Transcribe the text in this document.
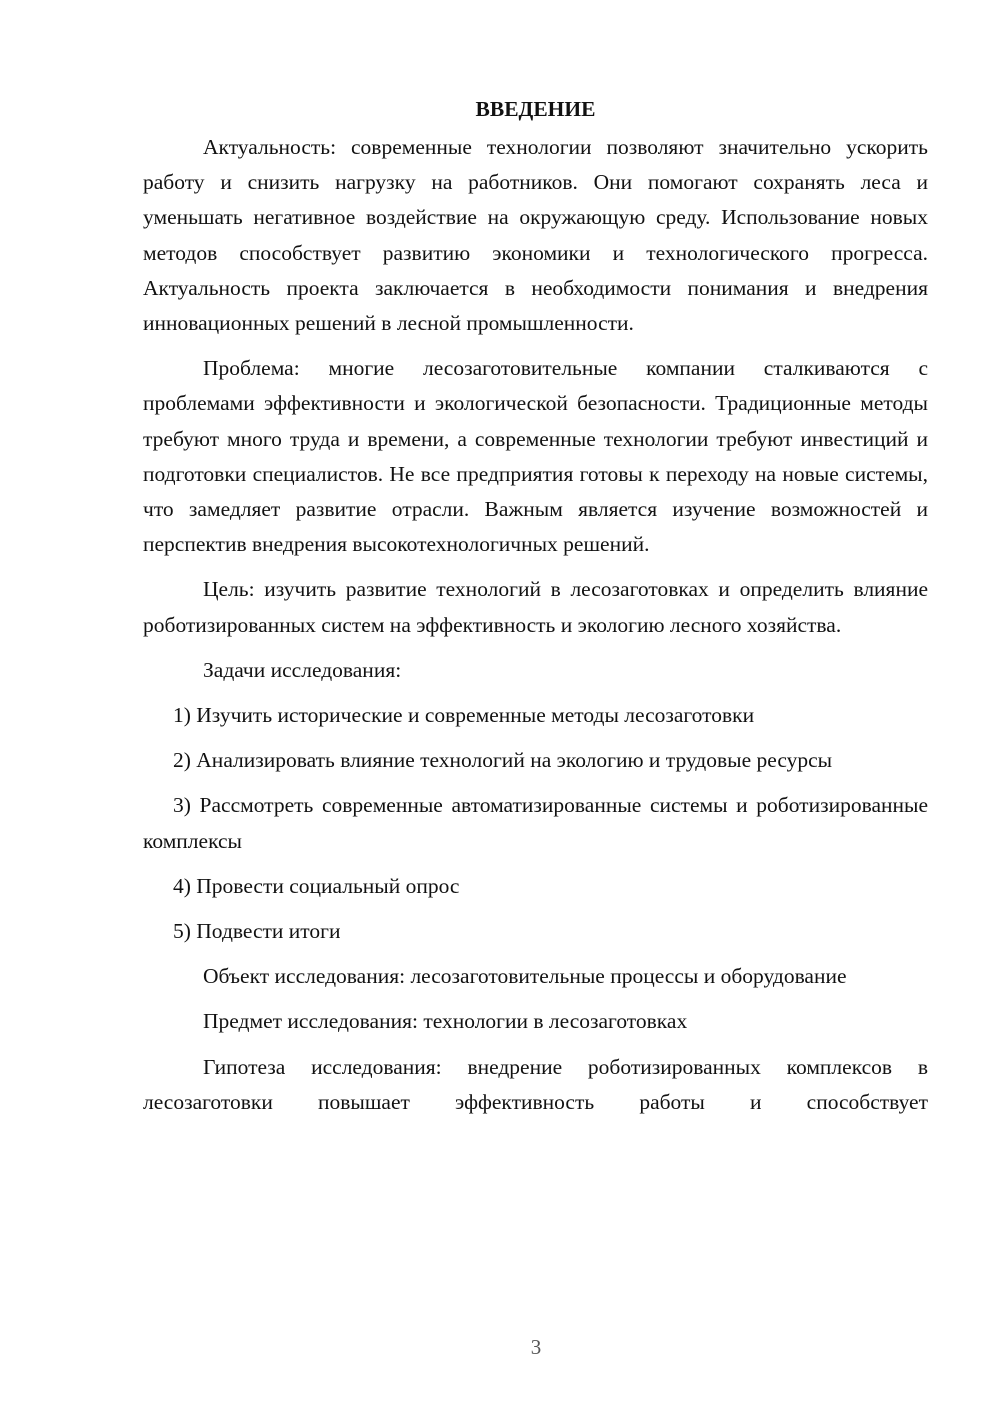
ВВЕДЕНИЕ

Актуальность: современные технологии позволяют значительно ускорить работу и снизить нагрузку на работников. Они помогают сохранять леса и уменьшать негативное воздействие на окружающую среду. Использование новых методов способствует развитию экономики и технологического прогресса. Актуальность проекта заключается в необходимости понимания и внедрения инновационных решений в лесной промышленности.

Проблема: многие лесозаготовительные компании сталкиваются с проблемами эффективности и экологической безопасности. Традиционные методы требуют много труда и времени, а современные технологии требуют инвестиций и подготовки специалистов. Не все предприятия готовы к переходу на новые системы, что замедляет развитие отрасли. Важным является изучение возможностей и перспектив внедрения высокотехнологичных решений.

Цель: изучить развитие технологий в лесозаготовках и определить влияние роботизированных систем на эффективность и экологию лесного хозяйства.

Задачи исследования:

1) Изучить исторические и современные методы лесозаготовки

2) Анализировать влияние технологий на экологию и трудовые ресурсы

3) Рассмотреть современные автоматизированные системы и роботизированные комплексы

4) Провести социальный опрос

5) Подвести итоги

Объект исследования: лесозаготовительные процессы и оборудование

Предмет исследования: технологии в лесозаготовках

Гипотеза исследования: внедрение роботизированных комплексов в лесозаготовки повышает эффективность работы и способствует

3
